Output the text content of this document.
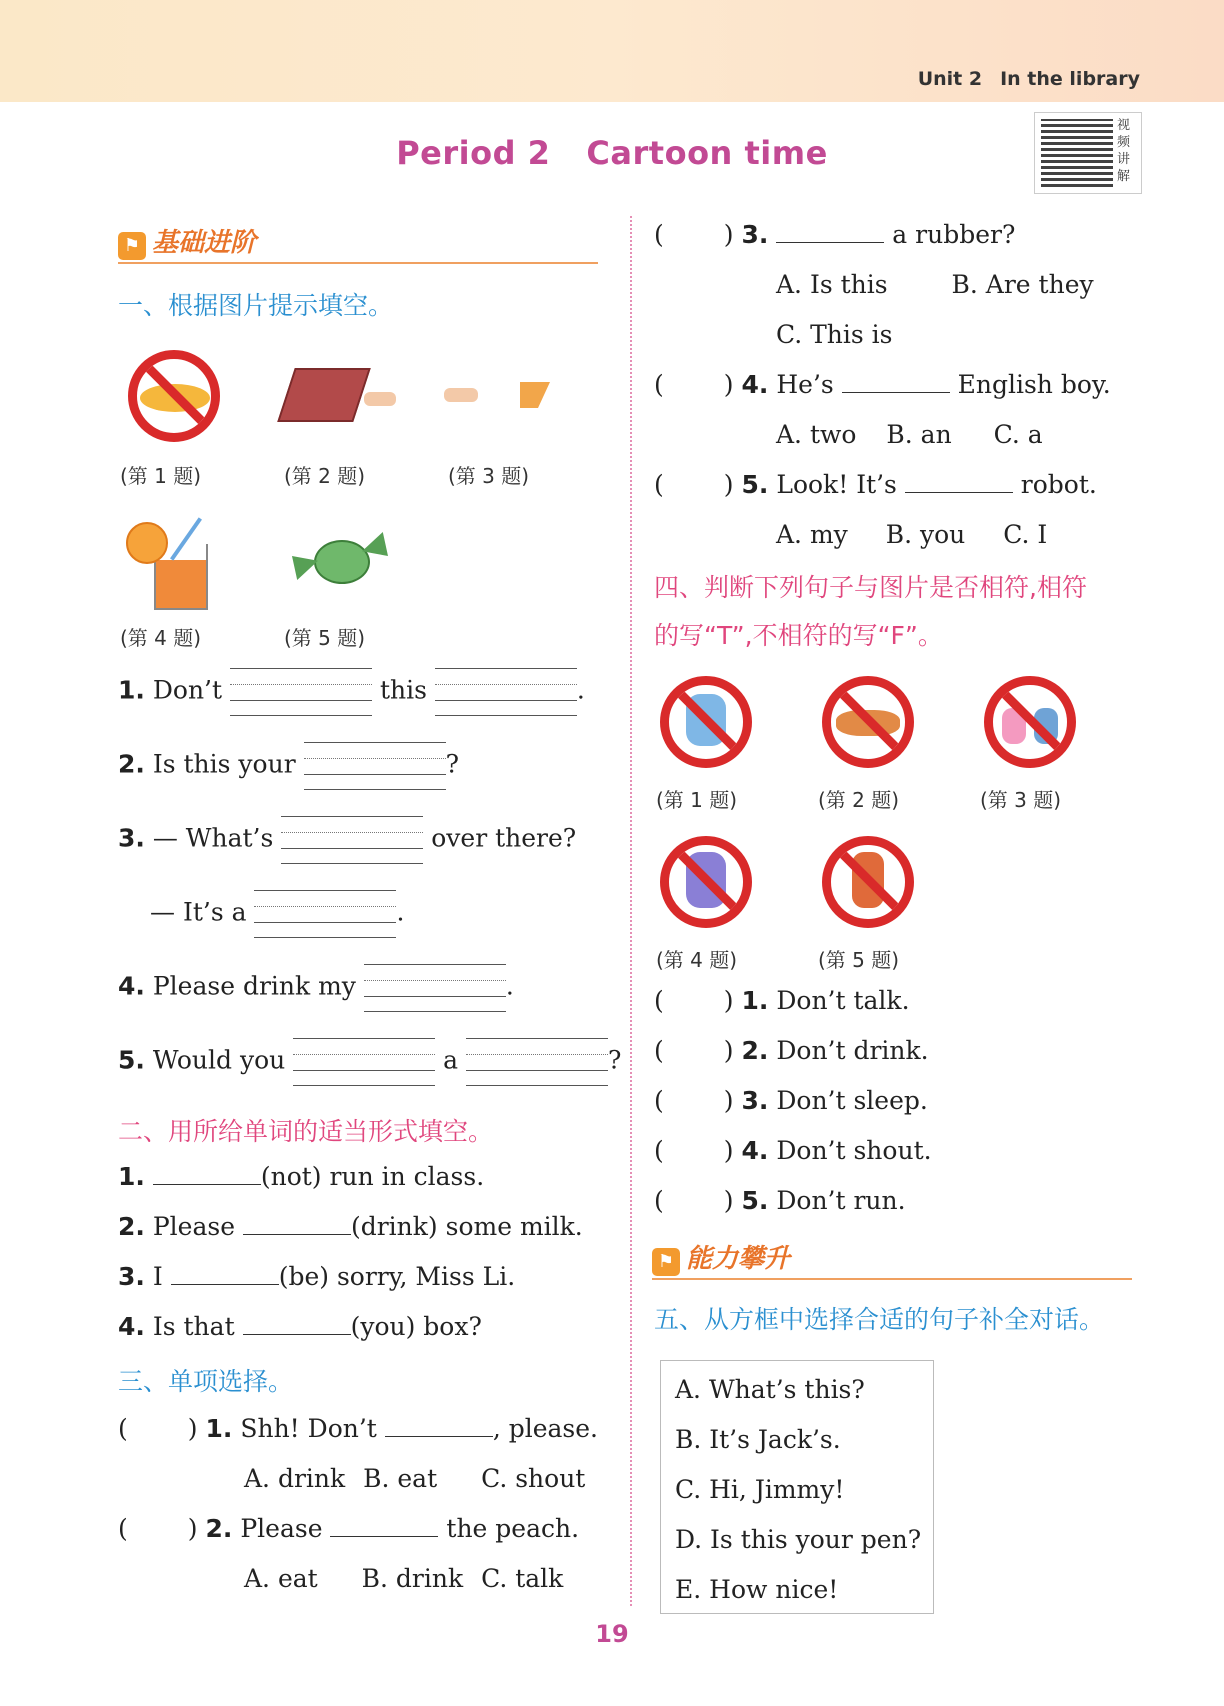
Unit 2 In the library
Period 2 Cartoon time
视频讲解
⚑ 基础进阶
一、根据图片提示填空。
(第 1 题)	(第 2 题)	(第 3 题)
(第 4 题)	(第 5 题)
1. Don’t	this	.
2. Is this your	?
3. — What’s	over there?
— It’s a	.
4. Please drink my	.
5. Would you	a	?
二、用所给单词的适当形式填空。
1.	(not) run in class.
2. Please	(drink) some milk.
3. I	(be) sorry, Miss Li.
4. Is that	(you) box?
三、单项选择。
( ) 1. Shh! Don’t	, please.
A. drink B. eat C. shout
( ) 2. Please	the peach.
A. eat B. drink C. talk
( ) 3.	a rubber?
A. Is this	B. Are they
C. This is
( ) 4. He’s	English boy.
A. two B. an C. a
( ) 5. Look! It’s	robot.
A. my B. you C. I
四、判断下列句子与图片是否相符,相符
的写“T”,不相符的写“F”。
(第 1 题)	(第 2 题)	(第 3 题)
(第 4 题)	(第 5 题)
( ) 1. Don’t talk.
( ) 2. Don’t drink.
( ) 3. Don’t sleep.
( ) 4. Don’t shout.
( ) 5. Don’t run.
⚑ 能力攀升
五、从方框中选择合适的句子补全对话。
A. What’s this?
B. It’s Jack’s.
C. Hi, Jimmy!
D. Is this your pen?
E. How nice!
19
